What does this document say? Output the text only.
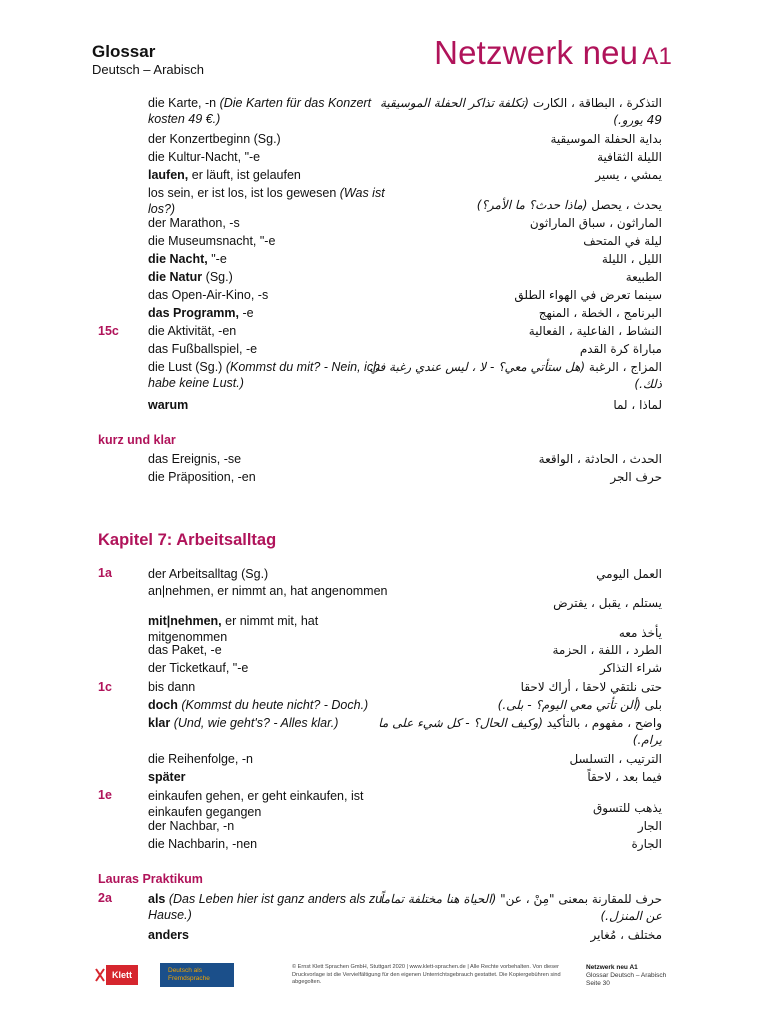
Glossar
Deutsch – Arabisch	Netzwerk neu A1
15c
kurz und klar
Kapitel 7: Arbeitsalltag
1a
1c
1e
Lauras Praktikum
2a
die Karte, -n (Die Karten für das Konzert kosten 49 €.)
der Konzertbeginn (Sg.)
die Kultur-Nacht, "-e
laufen, er läuft, ist gelaufen
los sein, er ist los, ist los gewesen (Was ist los?)
der Marathon, -s
die Museumsnacht, "-e
die Nacht, "-e
die Natur (Sg.)
das Open-Air-Kino, -s
das Programm, -e
die Aktivität, -en
das Fußballspiel, -e
die Lust (Sg.) (Kommst du mit? - Nein, ich habe keine Lust.)
warum
das Ereignis, -se
die Präposition, -en
der Arbeitsalltag (Sg.)
an|nehmen, er nimmt an, hat angenommen
mit|nehmen, er nimmt mit, hat mitgenommen
das Paket, -e
der Ticketkauf, "-e
bis dann
doch (Kommst du heute nicht? - Doch.)
klar (Und, wie geht's? - Alles klar.)
die Reihenfolge, -n
später
einkaufen gehen, er geht einkaufen, ist einkaufen gegangen
der Nachbar, -n
die Nachbarin, -nen
als (Das Leben hier ist ganz anders als zu Hause.)
anders
التذكرة ، البطاقة ، الكارت (تكلفة تذاكر الحفلة الموسيقية 49 يورو.)
بداية الحفلة الموسيقية
الليلة الثقافية
يمشي ، يسير
يحدث ، يحصل (ماذا حدث؟ ما الأمر؟)
الماراثون ، سباق الماراثون
ليلة في المتحف
الليل ، الليلة
الطبيعة
سينما تعرض في الهواء الطلق
البرنامج ، الخطة ، المنهج
النشاط ، الفاعلية ، الفعالية
مباراة كرة القدم
المزاج ، الرغبة (هل ستأتي معي؟ - لا ، ليس عندي رغبة في ذلك.)
لماذا ، لما
الحدث ، الحادثة ، الواقعة
حرف الجر
العمل اليومي
يستلم ، يقبل ، يفترض
يأخذ معه
الطرد ، اللفة ، الحزمة
شراء التذاكر
حتى نلتقي لاحقا ، أراك لاحقا
بلى (ألن تأتي معي اليوم؟ - بلى.)
واضح ، مفهوم ، بالتأكيد (وكيف الحال؟ - كل شيء على ما يرام.)
الترتيب ، التسلسل
فيما بعد ، لاحقاً
يذهب للتسوق
الجار
الجارة
حرف للمقارنة بمعنى "مِنْ ، عن" (الحياة هنا مختلفة تماماً عن المنزل.)
مختلف ، مُغاير
Klett	Deutsch als Fremdsprache
© Ernst Klett Sprachen GmbH, Stuttgart 2020 | www.klett-sprachen.de | Alle Rechte vorbehalten. Von dieser Druckvorlage ist die Vervielfältigung für den eigenen Unterrichtsgebrauch gestattet. Die Kopiergebühren sind abgegolten.
Netzwerk neu A1
Glossar Deutsch – Arabisch
Seite 30
